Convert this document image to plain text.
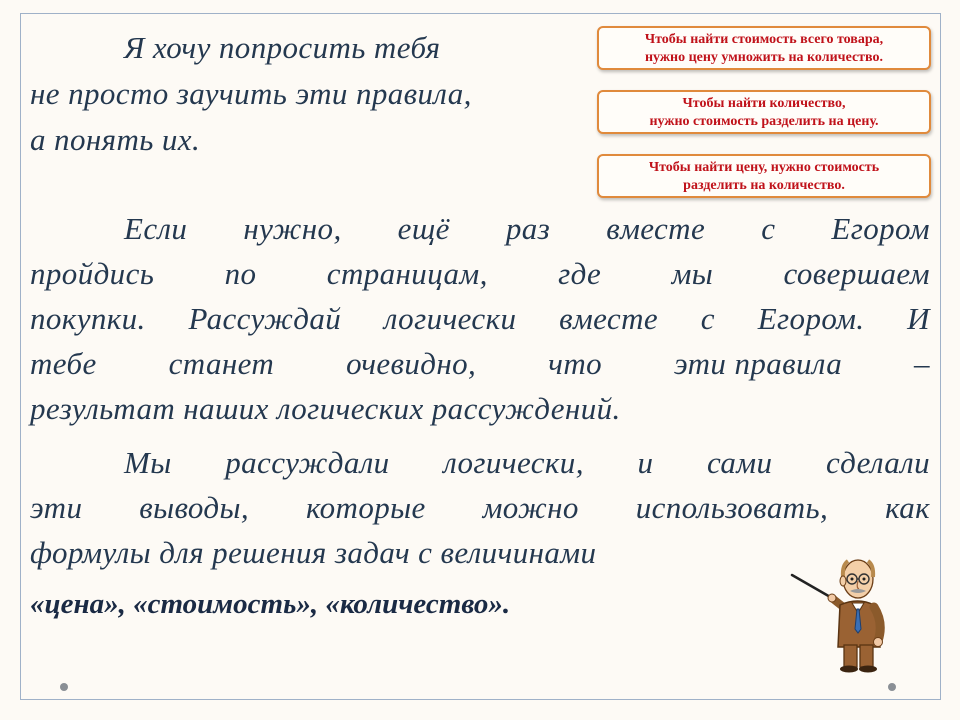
Я хочу попросить тебя
не просто заучить эти правила,
а понять их.
Чтобы найти стоимость всего товара,
нужно цену умножить на количество.
Чтобы найти количество,
нужно стоимость разделить на цену.
Чтобы найти цену, нужно стоимость
разделить на количество.
Если нужно, ещё раз вместе с Егором
пройдись по страницам, где мы совершаем
покупки. Рассуждай логически вместе с Егором. И
тебе станет очевидно, что эти правила –
результат наших логических рассуждений.
Мы рассуждали логически, и сами сделали
эти выводы, которые можно использовать, как
формулы для решения задач с величинами
«цена», «стоимость», «количество».
